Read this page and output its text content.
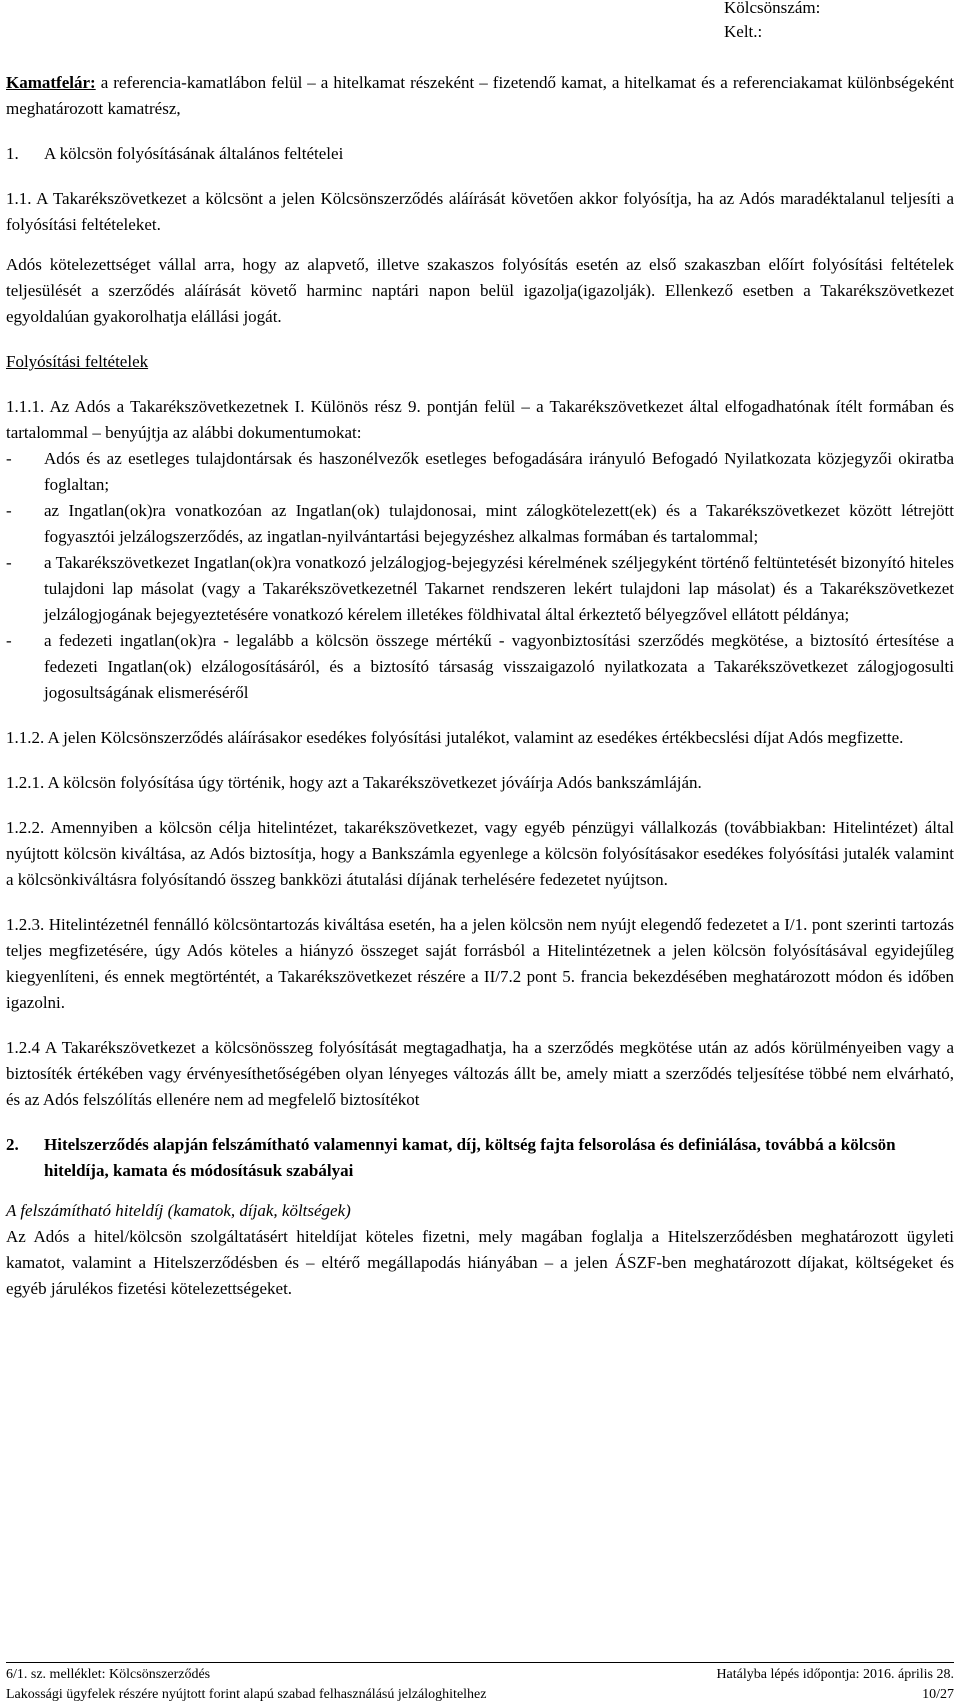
Kölcsönszám:
Kelt.:

Kamatfelár: a referencia-kamatlábon felül – a hitelkamat részeként – fizetendő kamat, a hitelkamat és a referenciakamat különbségeként meghatározott kamatrész,

1.	A kölcsön folyósításának általános feltételei

1.1. A Takarékszövetkezet a kölcsönt a jelen Kölcsönszerződés aláírását követően akkor folyósítja, ha az Adós maradéktalanul teljesíti a folyósítási feltételeket.

Adós kötelezettséget vállal arra, hogy az alapvető, illetve szakaszos folyósítás esetén az első szakaszban előírt folyósítási feltételek teljesülését a szerződés aláírását követő harminc naptári napon belül igazolja(igazolják). Ellenkező esetben a Takarékszövetkezet egyoldalúan gyakorolhatja elállási jogát.

Folyósítási feltételek

1.1.1. Az Adós a Takarékszövetkezetnek I. Különös rész 9. pontján felül – a Takarékszövetkezet által elfogadhatónak ítélt formában és tartalommal – benyújtja az alábbi dokumentumokat:

-	Adós és az esetleges tulajdontársak és haszonélvezők esetleges befogadására irányuló Befogadó Nyilatkozata közjegyzői okiratba foglaltan;
-	az Ingatlan(ok)ra vonatkozóan az Ingatlan(ok) tulajdonosai, mint zálogkötelezett(ek) és a Takarékszövetkezet között létrejött fogyasztói jelzálogszerződés, az ingatlan-nyilvántartási bejegyzéshez alkalmas formában és tartalommal;
-	a Takarékszövetkezet Ingatlan(ok)ra vonatkozó jelzálogjog-bejegyzési kérelmének széljegyként történő feltüntetését bizonyító hiteles tulajdoni lap másolat (vagy a Takarékszövetkezetnél Takarnet rendszeren lekért tulajdoni lap másolat) és a Takarékszövetkezet jelzálogjogának bejegyeztetésére vonatkozó kérelem illetékes földhivatal által érkeztető bélyegzővel ellátott példánya;
-	a fedezeti ingatlan(ok)ra - legalább a kölcsön összege mértékű - vagyonbiztosítási szerződés megkötése, a biztosító értesítése a fedezeti Ingatlan(ok) elzálogosításáról, és a biztosító társaság visszaigazoló nyilatkozata a Takarékszövetkezet zálogjogosulti jogosultságának elismeréséről

1.1.2. A jelen Kölcsönszerződés aláírásakor esedékes folyósítási jutalékot, valamint az esedékes értékbecslési díjat Adós megfizette.

1.2.1. A kölcsön folyósítása úgy történik, hogy azt a Takarékszövetkezet jóváírja Adós bankszámláján.

1.2.2. Amennyiben a kölcsön célja hitelintézet, takarékszövetkezet, vagy egyéb pénzügyi vállalkozás (továbbiakban: Hitelintézet) által nyújtott kölcsön kiváltása, az Adós biztosítja, hogy a Bankszámla egyenlege a kölcsön folyósításakor esedékes folyósítási jutalék valamint a kölcsönkiváltásra folyósítandó összeg bankközi átutalási díjának terhelésére fedezetet nyújtson.

1.2.3. Hitelintézetnél fennálló kölcsöntartozás kiváltása esetén, ha a jelen kölcsön nem nyújt elegendő fedezetet a I/1. pont szerinti tartozás teljes megfizetésére, úgy Adós köteles a hiányzó összeget saját forrásból a Hitelintézetnek a jelen kölcsön folyósításával egyidejűleg kiegyenlíteni, és ennek megtörténtét, a Takarékszövetkezet részére a II/7.2 pont 5. francia bekezdésében meghatározott módon és időben igazolni.

1.2.4 A Takarékszövetkezet a kölcsönösszeg folyósítását megtagadhatja, ha a szerződés megkötése után az adós körülményeiben vagy a biztosíték értékében vagy érvényesíthetőségében olyan lényeges változás állt be, amely miatt a szerződés teljesítése többé nem elvárható, és az Adós felszólítás ellenére nem ad megfelelő biztosítékot

2.	Hitelszerződés alapján felszámítható valamennyi kamat, díj, költség fajta felsorolása és definiálása, továbbá a kölcsön hiteldíja, kamata és módosításuk szabályai

A felszámítható hiteldíj (kamatok, díjak, költségek)

Az Adós a hitel/kölcsön szolgáltatásért hiteldíjat köteles fizetni, mely magában foglalja a Hitelszerződésben meghatározott ügyleti kamatot, valamint a Hitelszerződésben és – eltérő megállapodás hiányában – a jelen ÁSZF-ben meghatározott díjakat, költségeket és egyéb járulékos fizetési kötelezettségeket.

6/1. sz. melléklet: Kölcsönszerződés	Hatályba lépés időpontja: 2016. április 28.
Lakossági ügyfelek részére nyújtott forint alapú szabad felhasználású jelzáloghitelhez	10/27
